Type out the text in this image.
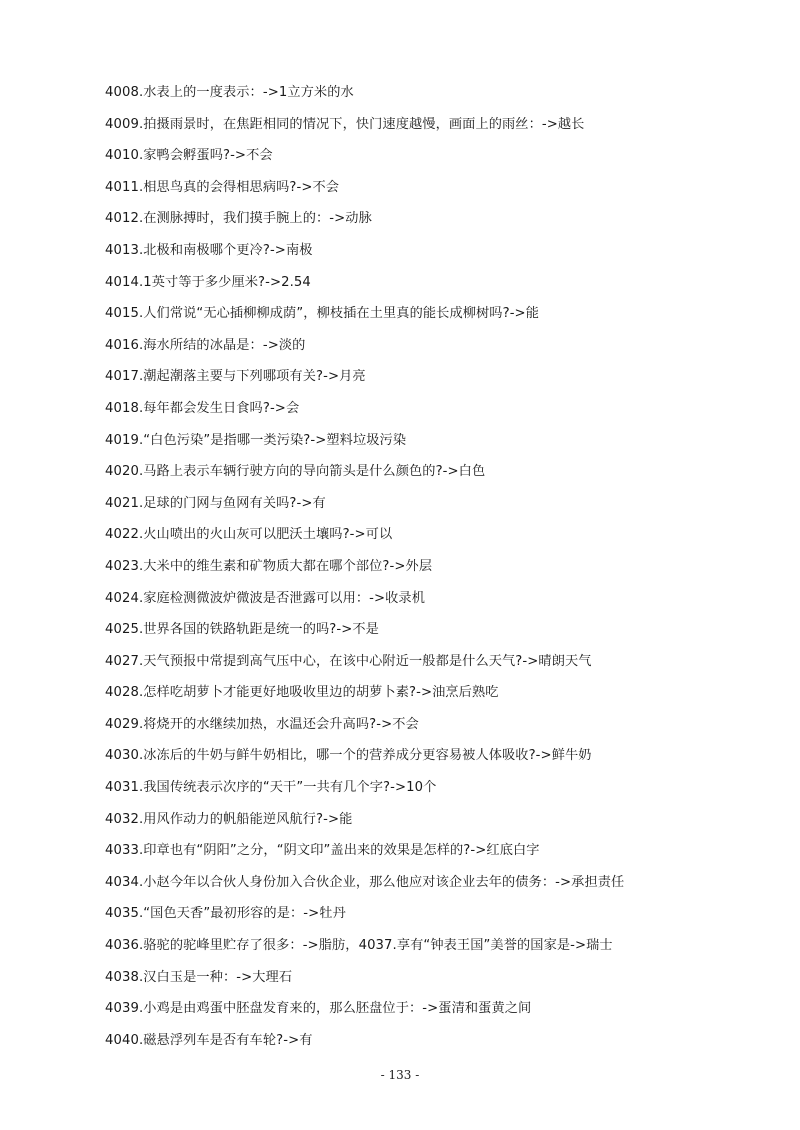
4008.水表上的一度表示：->1立方米的水
4009.拍摄雨景时，在焦距相同的情况下，快门速度越慢，画面上的雨丝：->越长
4010.家鸭会孵蛋吗?->不会
4011.相思鸟真的会得相思病吗?->不会
4012.在测脉搏时，我们摸手腕上的：->动脉
4013.北极和南极哪个更冷?->南极
4014.1英寸等于多少厘米?->2.54
4015.人们常说“无心插柳柳成荫”，柳枝插在土里真的能长成柳树吗?->能
4016.海水所结的冰晶是：->淡的
4017.潮起潮落主要与下列哪项有关?->月亮
4018.每年都会发生日食吗?->会
4019.“白色污染”是指哪一类污染?->塑料垃圾污染
4020.马路上表示车辆行驶方向的导向箭头是什么颜色的?->白色
4021.足球的门网与鱼网有关吗?->有
4022.火山喷出的火山灰可以肥沃土壤吗?->可以
4023.大米中的维生素和矿物质大都在哪个部位?->外层
4024.家庭检测微波炉微波是否泄露可以用：->收录机
4025.世界各国的铁路轨距是统一的吗?->不是
4027.天气预报中常提到高气压中心，在该中心附近一般都是什么天气?->晴朗天气
4028.怎样吃胡萝卜才能更好地吸收里边的胡萝卜素?->油烹后熟吃
4029.将烧开的水继续加热，水温还会升高吗?->不会
4030.冰冻后的牛奶与鲜牛奶相比，哪一个的营养成分更容易被人体吸收?->鲜牛奶
4031.我国传统表示次序的“天干”一共有几个字?->10个
4032.用风作动力的帆船能逆风航行?->能
4033.印章也有“阴阳”之分，“阴文印”盖出来的效果是怎样的?->红底白字
4034.小赵今年以合伙人身份加入合伙企业，那么他应对该企业去年的债务：->承担责任
4035.“国色天香”最初形容的是：->牡丹
4036.骆驼的驼峰里贮存了很多：->脂肪，4037.享有“钟表王国”美誉的国家是->瑞士
4038.汉白玉是一种：->大理石
4039.小鸡是由鸡蛋中胚盘发育来的，那么胚盘位于：->蛋清和蛋黄之间
4040.磁悬浮列车是否有车轮?->有
- 133 -
